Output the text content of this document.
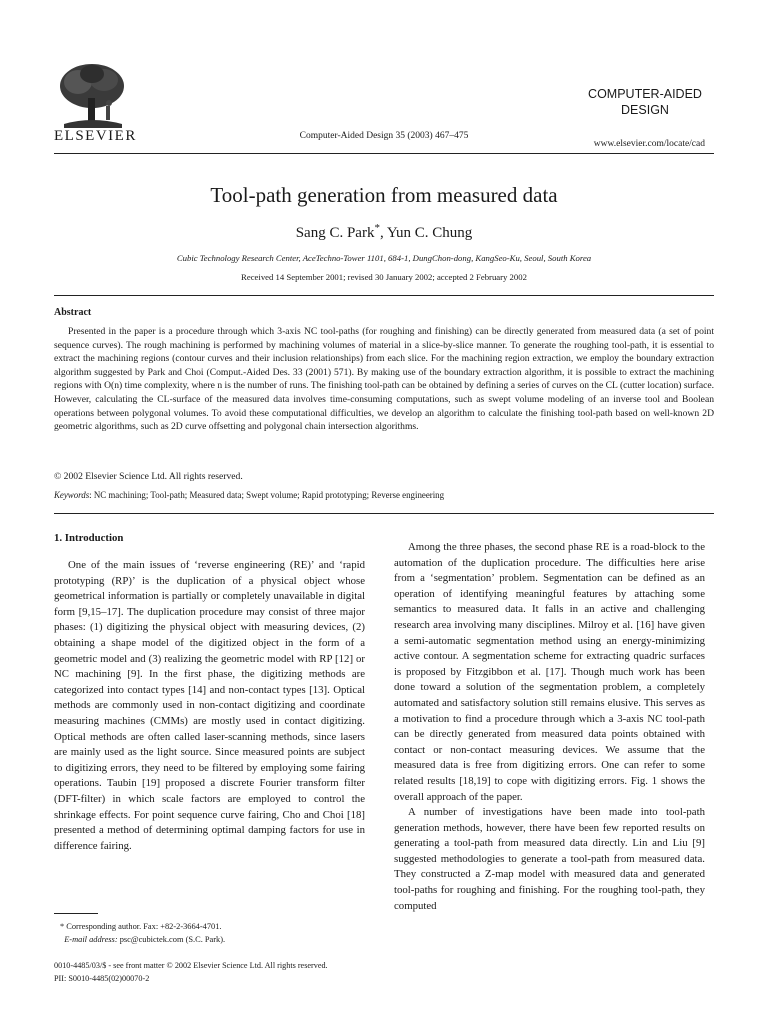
ELSEVIER	Computer-Aided Design 35 (2003) 467–475
COMPUTER-AIDED
DESIGN
www.elsevier.com/locate/cad
Tool-path generation from measured data
Sang C. Park*, Yun C. Chung
Cubic Technology Research Center, AceTechno-Tower 1101, 684-1, DungChon-dong, KangSeo-Ku, Seoul, South Korea
Received 14 September 2001; revised 30 January 2002; accepted 2 February 2002
Abstract

Presented in the paper is a procedure through which 3-axis NC tool-paths (for roughing and finishing) can be directly generated from measured data (a set of point sequence curves). The rough machining is performed by machining volumes of material in a slice-by-slice manner. To generate the roughing tool-path, it is essential to extract the machining regions (contour curves and their inclusion relationships) from each slice. For the machining region extraction, we employ the boundary extraction algorithm suggested by Park and Choi (Comput.-Aided Des. 33 (2001) 571). By making use of the boundary extraction algorithm, it is possible to extract the machining regions with O(n) time complexity, where n is the number of runs. The finishing tool-path can be obtained by defining a series of curves on the CL (cutter location) surface. However, calculating the CL-surface of the measured data involves time-consuming computations, such as swept volume modeling of an inverse tool and Boolean operations between polygonal volumes. To avoid these computational difficulties, we develop an algorithm to calculate the finishing tool-path based on well-known 2D geometric algorithms, such as 2D curve offsetting and polygonal chain intersection algorithms.

© 2002 Elsevier Science Ltd. All rights reserved.
Keywords: NC machining; Tool-path; Measured data; Swept volume; Rapid prototyping; Reverse engineering
1. Introduction

One of the main issues of ‘reverse engineering (RE)’ and ‘rapid prototyping (RP)’ is the duplication of a physical object whose geometrical information is partially or completely unavailable in digital form [9,15–17]. The duplication procedure may consist of three major phases: (1) digitizing the physical object with measuring devices, (2) obtaining a shape model of the digitized object in the form of a geometric model and (3) realizing the geometric model with RP [12] or NC machining [9]. In the first phase, the digitizing methods are categorized into contact types [14] and non-contact types [13]. Optical methods are commonly used in non-contact digitizing and coordinate measuring machines (CMMs) are mostly used in contact digitizing. Optical methods are often called laser-scanning methods, since lasers are mainly used as the light source. Since measured points are subject to digitizing errors, they need to be filtered by employing some fairing operations. Taubin [19] proposed a discrete Fourier transform filter (DFT-filter) in which scale factors are employed to control the shrinkage effects. For point sequence curve fairing, Cho and Choi [18] presented a method of determining optimal damping factors for use in difference fairing.

Among the three phases, the second phase RE is a road-block to the automation of the duplication procedure. The difficulties here arise from a ‘segmentation’ problem. Segmentation can be defined as an operation of identifying meaningful features by attaching some semantics to measured data. It falls in an active and challenging research area involving many disciplines. Milroy et al. [16] have given a semi-automatic segmentation method using an energy-minimizing active contour. A segmentation scheme for extracting quadric surfaces is proposed by Fitzgibbon et al. [17]. Though much work has been done toward a solution of the segmentation problem, a completely automated and satisfactory solution still remains elusive. This serves as a motivation to find a procedure through which a 3-axis NC tool-path can be directly generated from measured data points obtained with contact or non-contact measuring devices. We assume that the measured data is free from digitizing errors. One can refer to some related results [18,19] to cope with digitizing errors. Fig. 1 shows the overall approach of the paper.

A number of investigations have been made into tool-path generation methods, however, there have been few reported results on generating a tool-path from measured data directly. Lin and Liu [9] suggested methodologies to generate a tool-path from measured data. They constructed a Z-map model with measured data and generated tool-paths for roughing and finishing. For the roughing tool-path, they computed

* Corresponding author. Fax: +82-2-3664-4701.
E-mail address: psc@cubictek.com (S.C. Park).
0010-4485/03/$ - see front matter © 2002 Elsevier Science Ltd. All rights reserved.
PII: S0010-4485(02)00070-2
